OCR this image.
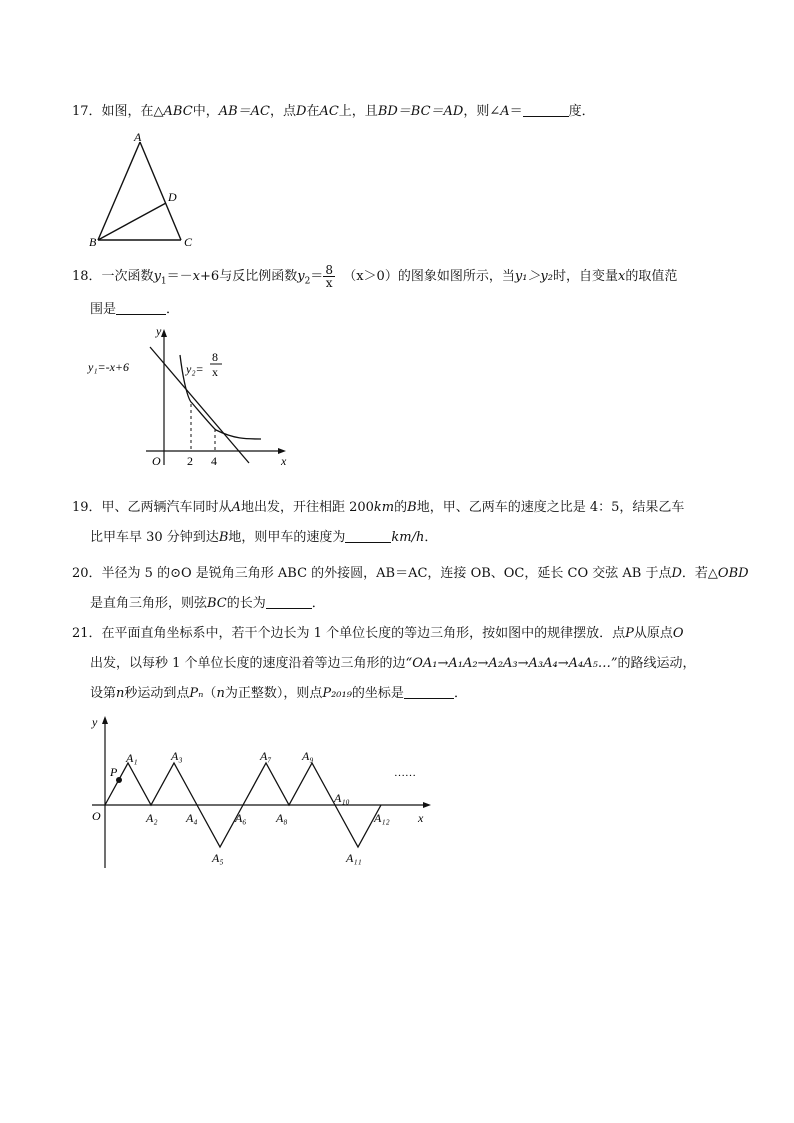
17．如图，在△ABC中，AB＝AC，点D在AC上，且BD＝BC＝AD，则∠A＝	度．
A
B	C
D
18．一次函数$y_1=-x+6$与反比例函数$y_2= \frac{8}{x} (x>0)$的图象如图所示，当y₁＞y₂时，自变量x的取值范
围是	．
y
x
O 2 4
y₁=-x+6	y₂=
8
x
19．甲、乙两辆汽车同时从A地出发，开往相距 200km的B地，甲、乙两车的速度之比是 4：5，结果乙车
比甲车早 30 分钟到达B地，则甲车的速度为	km/h．
20．半径为 5 的⊙O 是锐角三角形 ABC 的外接圆，AB＝AC，连接 OB、OC，延长 CO 交弦 AB 于点D．若△OBD
是直角三角形，则弦BC的长为	．
21．在平面直角坐标系中，若干个边长为 1 个单位长度的等边三角形，按如图中的规律摆放．点P从原点O
出发，以每秒 1 个单位长度的速度沿着等边三角形的边“OA₁→A₁A₂→A₂A₃→A₃A₄→A₄A₅…”的路线运动，
设第n秒运动到点Pₙ（n为正整数），则点P₂₀₁₉的坐标是	．
y
x
O
P	……
A₁
A₂
A₃
A₄
A₅
A₆
A₇
A₈
A₉
A₁₀
A₁₁
A₁₂
